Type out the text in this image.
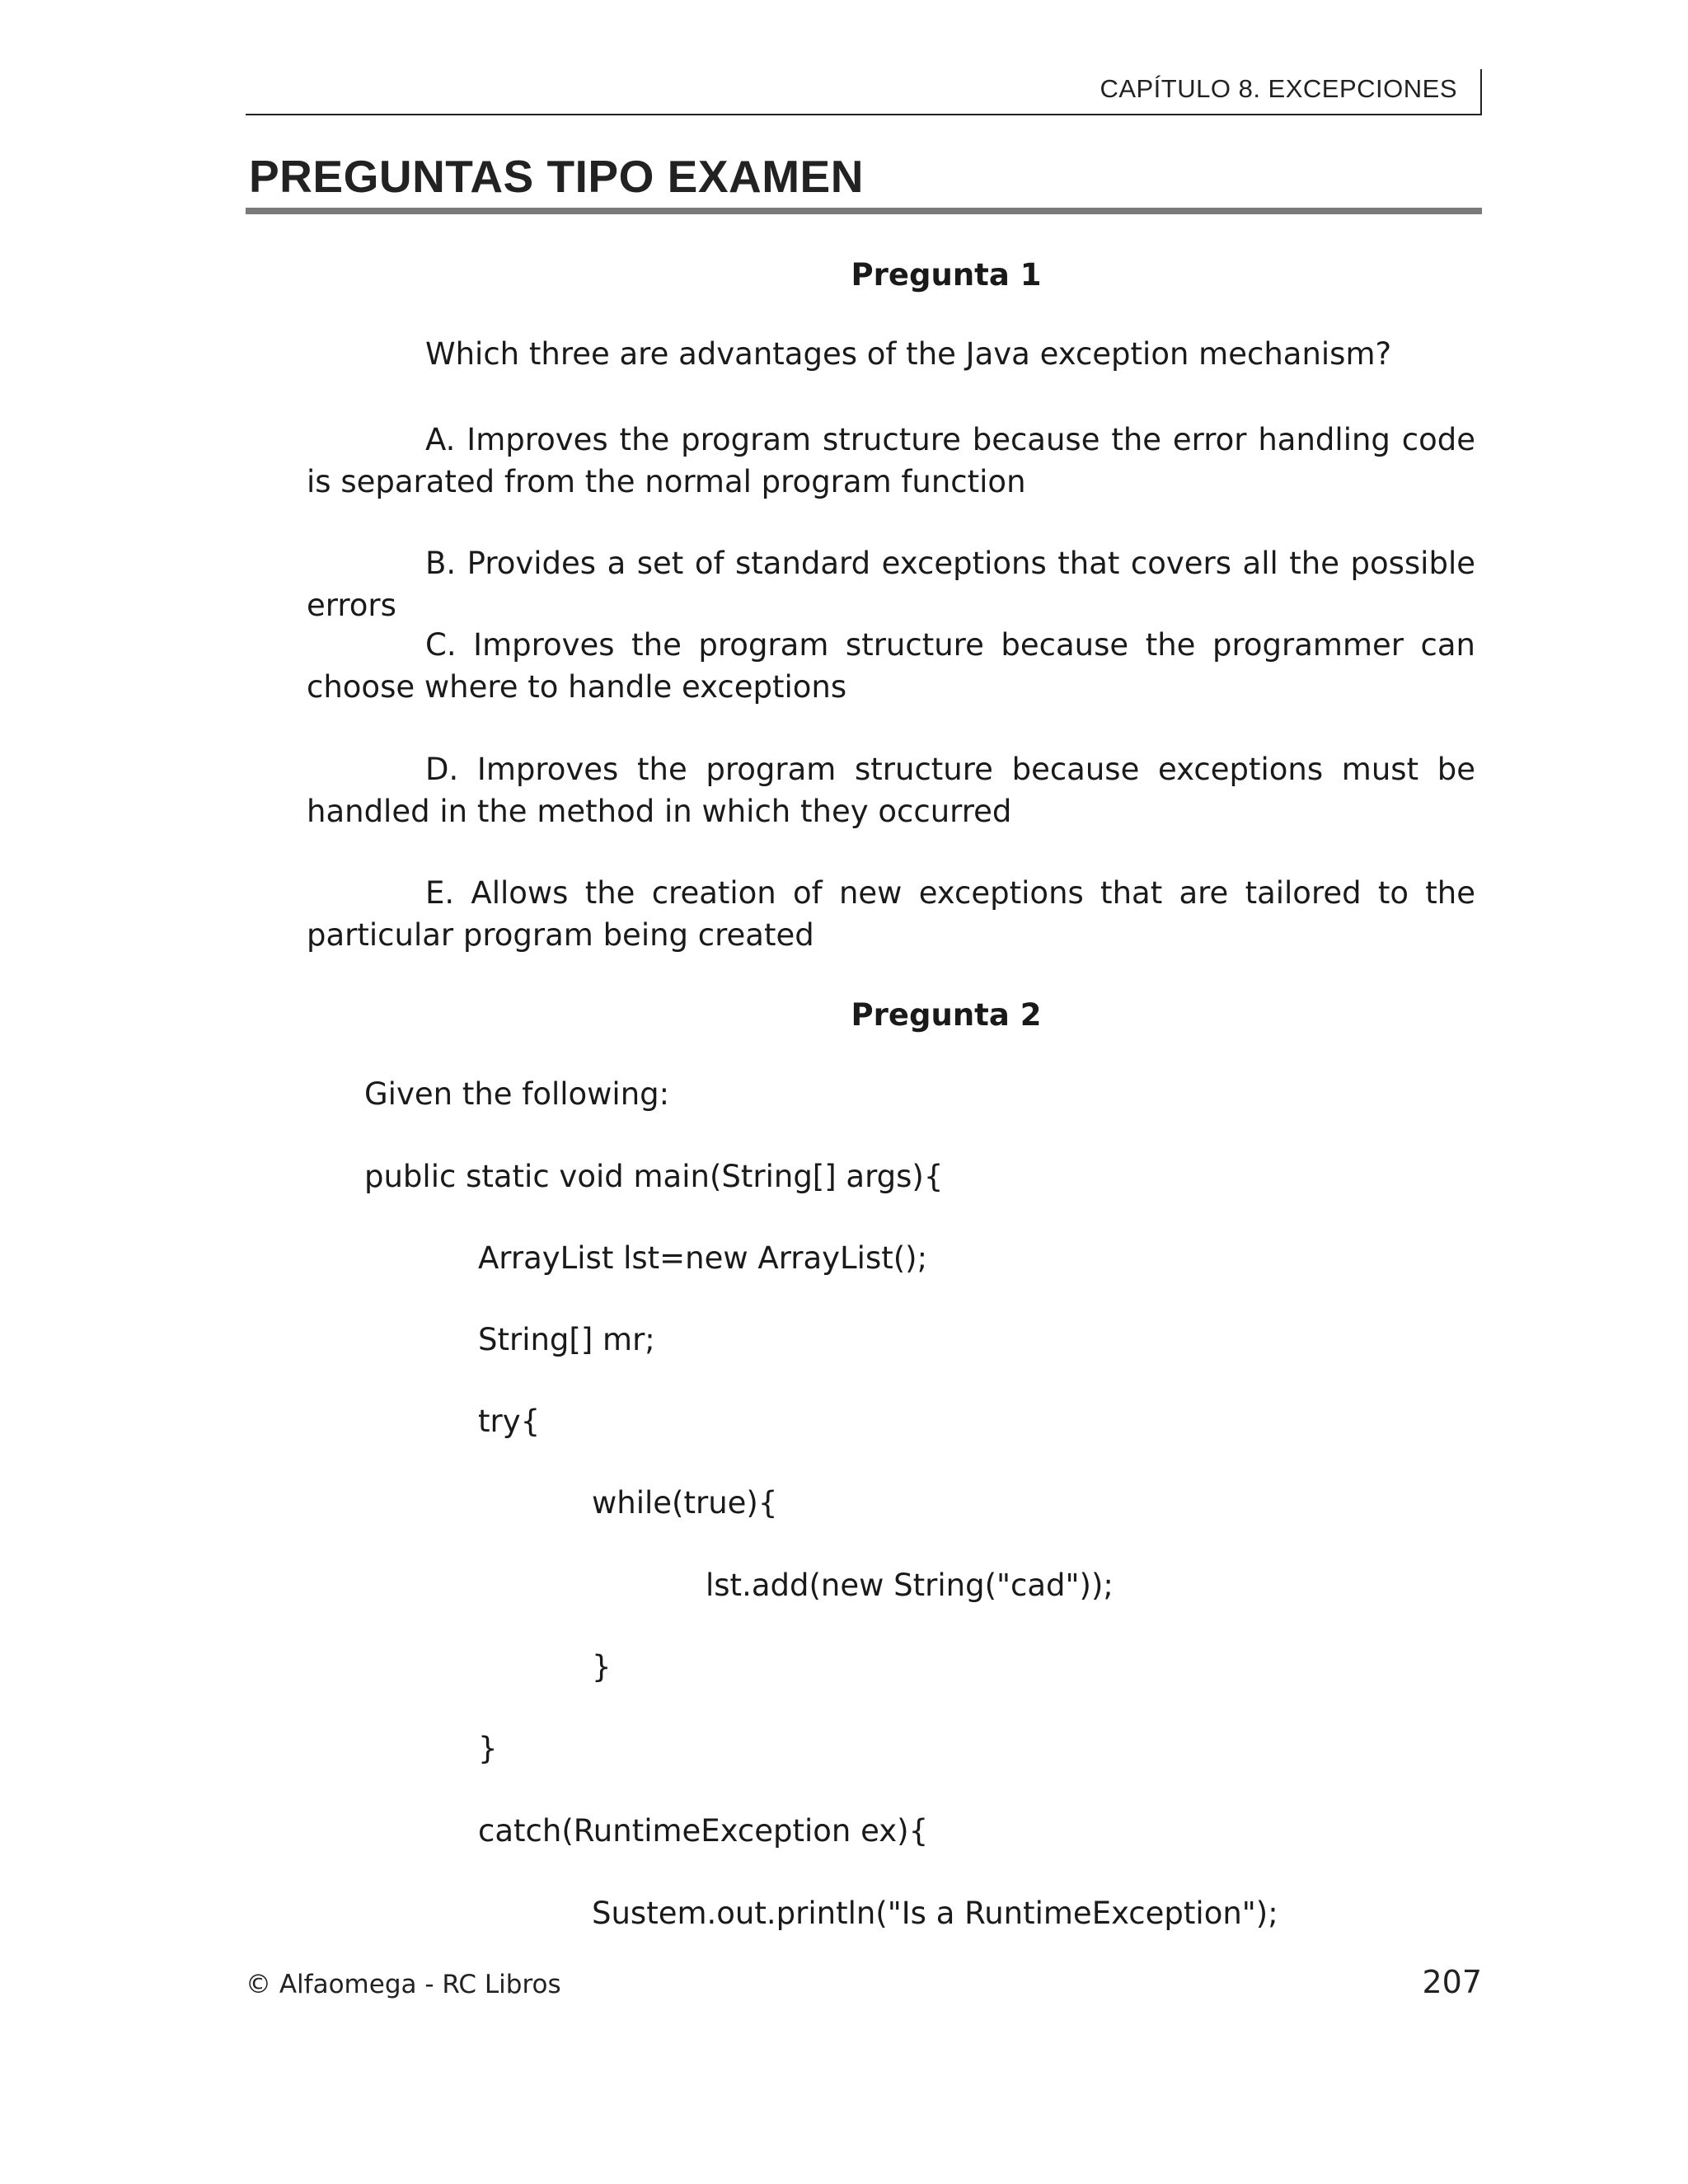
CAPÍTULO 8. EXCEPCIONES
PREGUNTAS TIPO EXAMEN
Pregunta 1
Which three are advantages of the Java exception mechanism?
A. Improves the program structure because the error handling code is separated from the normal program function
B. Provides a set of standard exceptions that covers all the possible errors
C. Improves the program structure because the programmer can choose where to handle exceptions
D. Improves the program structure because exceptions must be handled in the method in which they occurred
E. Allows the creation of new exceptions that are tailored to the particular program being created
Pregunta 2
Given the following:
public static void main(String[] args){
ArrayList lst=new ArrayList();
String[] mr;
try{
while(true){
lst.add(new String("cad"));
}
}
catch(RuntimeException ex){
Sustem.out.println("Is a RuntimeException");
© Alfaomega - RC Libros	207
